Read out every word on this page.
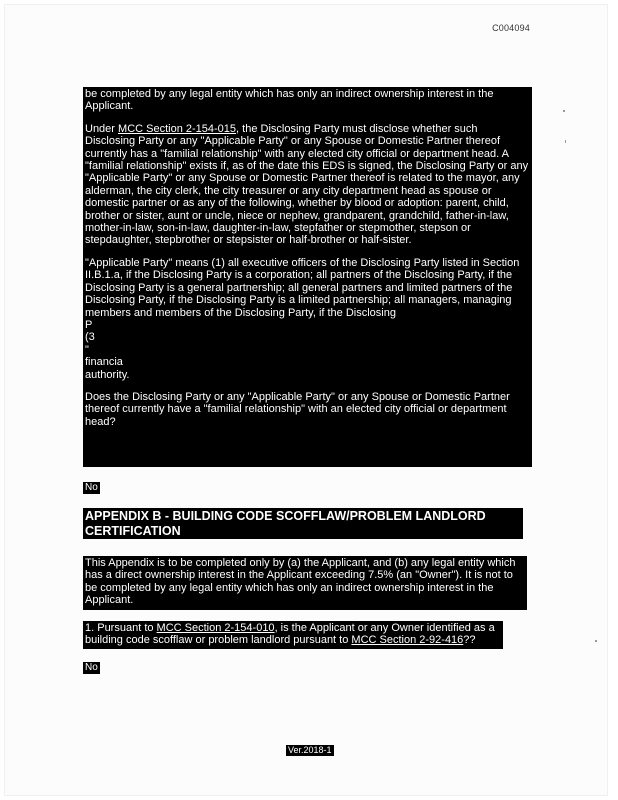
C004094

be completed by any legal entity which has only an indirect ownership interest in the Applicant.

Under MCC Section 2-154-015, the Disclosing Party must disclose whether such Disclosing Party or any "Applicable Party" or any Spouse or Domestic Partner thereof currently has a "familial relationship" with any elected city official or department head. A "familial relationship" exists if, as of the date this EDS is signed, the Disclosing Party or any "Applicable Party" or any Spouse or Domestic Partner thereof is related to the mayor, any alderman, the city clerk, the city treasurer or any city department head as spouse or domestic partner or as any of the following, whether by blood or adoption: parent, child, brother or sister, aunt or uncle, niece or nephew, grandparent, grandchild, father-in-law, mother-in-law, son-in-law, daughter-in-law, stepfather or stepmother, stepson or stepdaughter, stepbrother or stepsister or half-brother or half-sister.

"Applicable Party" means (1) all executive officers of the Disclosing Party listed in Section II.B.1.a, if the Disclosing Party is a corporation; all partners of the Disclosing Party, if the Disclosing Party is a general partnership; all general partners and limited partners of the Disclosing Party, if the Disclosing Party is a limited partnership; all managers, managing members and members of the Disclosing Party, if the Disclosing
P
(3
"
financia
authority.

Does the Disclosing Party or any "Applicable Party" or any Spouse or Domestic Partner thereof currently have a "familial relationship" with an elected city official or department head?

No
APPENDIX B - BUILDING CODE SCOFFLAW/PROBLEM LANDLORD CERTIFICATION
This Appendix is to be completed only by (a) the Applicant, and (b) any legal entity which has a direct ownership interest in the Applicant exceeding 7.5% (an "Owner"). It is not to be completed by any legal entity which has only an indirect ownership interest in the Applicant.
1. Pursuant to MCC Section 2-154-010, is the Applicant or any Owner identified as a building code scofflaw or problem landlord pursuant to MCC Section 2-92-416??
No
Ver.2018-1
